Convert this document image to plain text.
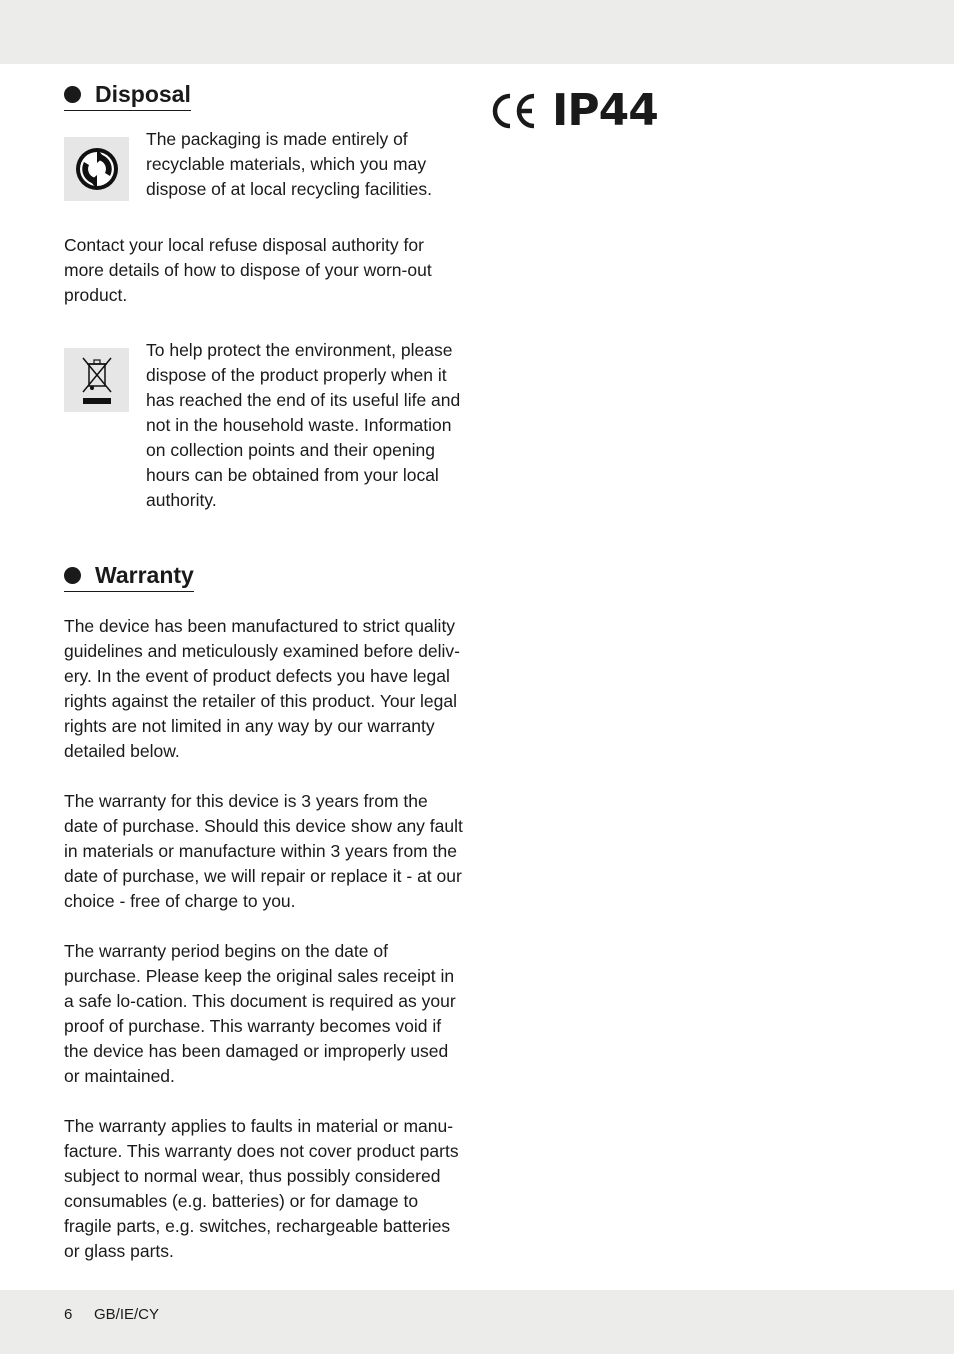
Disposal

The packaging is made entirely of recyclable materials, which you may dispose of at local recycling facilities.

Contact your local refuse disposal authority for more details of how to dispose of your worn-out product.

To help protect the environment, please dispose of the product properly when it has reached the end of its useful life and not in the household waste. Information on collection points and their opening hours can be obtained from your local authority.

Warranty

The device has been manufactured to strict quality guidelines and meticulously examined before deliv-ery. In the event of product defects you have legal rights against the retailer of this product. Your legal rights are not limited in any way by our warranty detailed below.

The warranty for this device is 3 years from the date of purchase. Should this device show any fault in materials or manufacture within 3 years from the date of purchase, we will repair or replace it - at our choice - free of charge to you.

The warranty period begins on the date of purchase. Please keep the original sales receipt in a safe lo-cation. This document is required as your proof of purchase. This warranty becomes void if the device has been damaged or improperly used or maintained.

The warranty applies to faults in material or manu-facture. This warranty does not cover product parts subject to normal wear, thus possibly considered consumables (e.g. batteries) or for damage to fragile parts, e.g. switches, rechargeable batteries or glass parts.

IP44
6 GB/IE/CY
